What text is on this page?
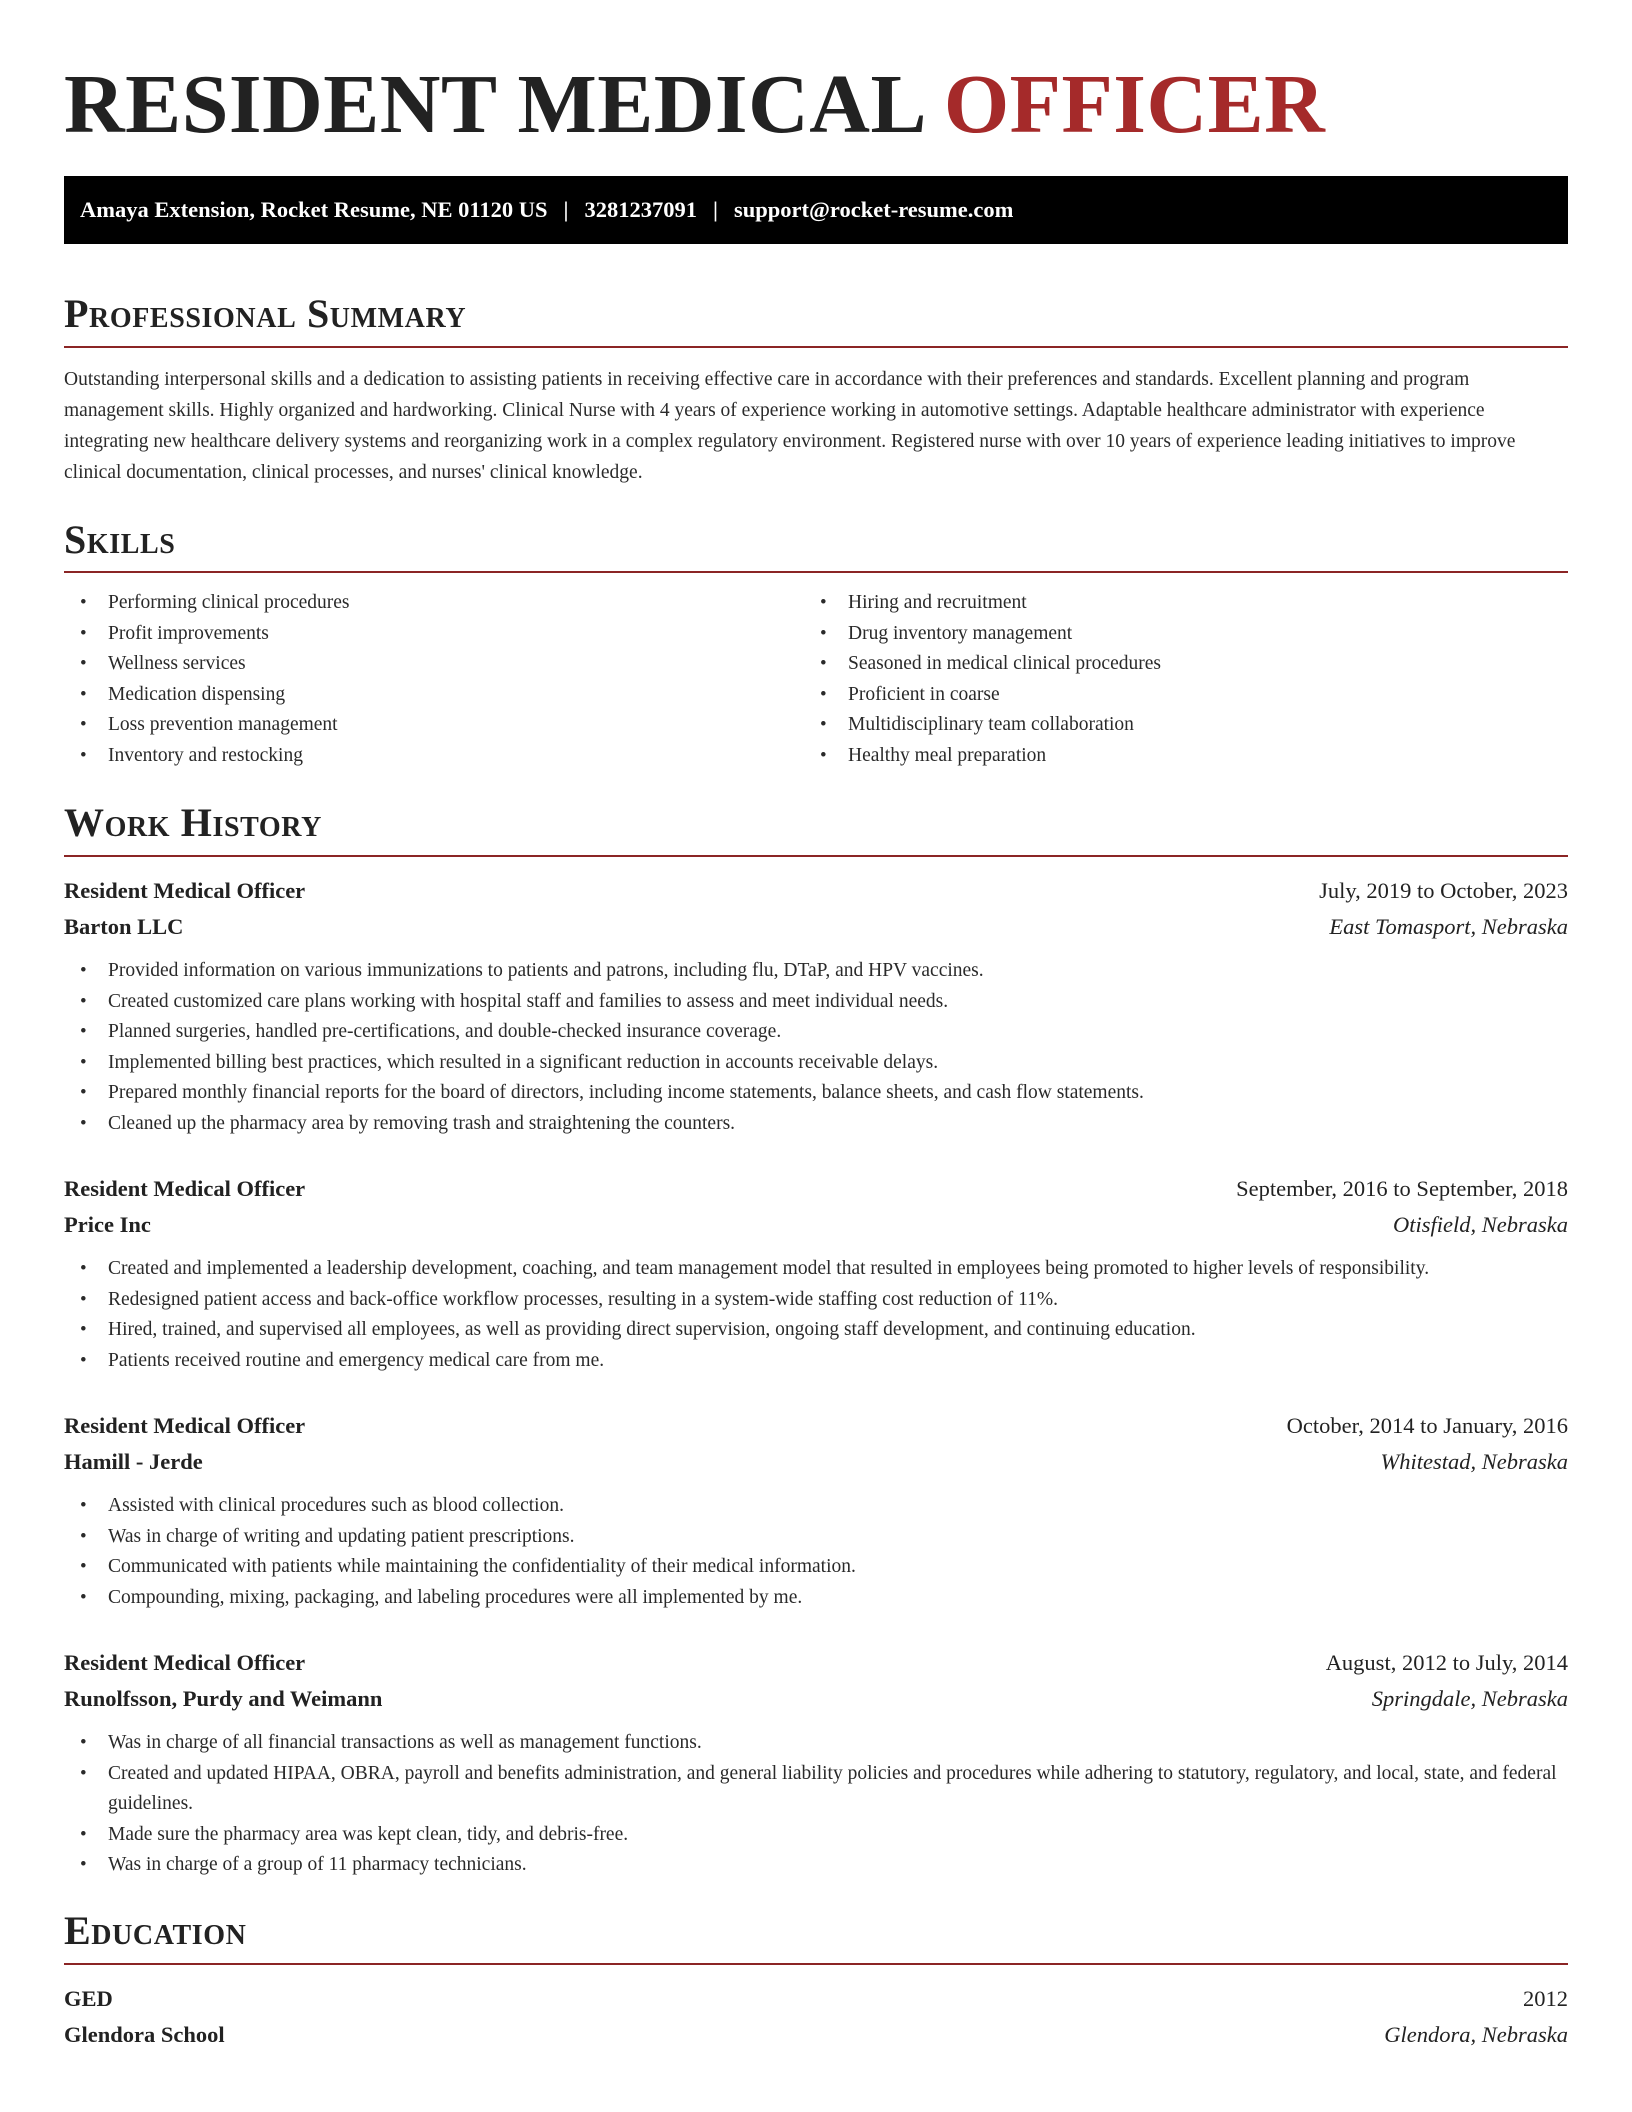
RESIDENT MEDICAL OFFICER
Amaya Extension, Rocket Resume, NE 01120 US | 3281237091 | support@rocket-resume.com
Professional Summary

Outstanding interpersonal skills and a dedication to assisting patients in receiving effective care in accordance with their preferences and standards. Excellent planning and program management skills. Highly organized and hardworking. Clinical Nurse with 4 years of experience working in automotive settings. Adaptable healthcare administrator with experience integrating new healthcare delivery systems and reorganizing work in a complex regulatory environment. Registered nurse with over 10 years of experience leading initiatives to improve clinical documentation, clinical processes, and nurses' clinical knowledge.

Skills
• Performing clinical procedures
• Profit improvements
• Wellness services
• Medication dispensing
• Loss prevention management
• Inventory and restocking
• Hiring and recruitment
• Drug inventory management
• Seasoned in medical clinical procedures
• Proficient in coarse
• Multidisciplinary team collaboration
• Healthy meal preparation
Work History
Resident Medical Officer	July, 2019 to October, 2023
Barton LLC	East Tomasport, Nebraska
• Provided information on various immunizations to patients and patrons, including flu, DTaP, and HPV vaccines.
• Created customized care plans working with hospital staff and families to assess and meet individual needs.
• Planned surgeries, handled pre-certifications, and double-checked insurance coverage.
• Implemented billing best practices, which resulted in a significant reduction in accounts receivable delays.
• Prepared monthly financial reports for the board of directors, including income statements, balance sheets, and cash flow statements.
• Cleaned up the pharmacy area by removing trash and straightening the counters.
Resident Medical Officer	September, 2016 to September, 2018
Price Inc	Otisfield, Nebraska
• Created and implemented a leadership development, coaching, and team management model that resulted in employees being promoted to higher levels of responsibility.
• Redesigned patient access and back-office workflow processes, resulting in a system-wide staffing cost reduction of 11%.
• Hired, trained, and supervised all employees, as well as providing direct supervision, ongoing staff development, and continuing education.
• Patients received routine and emergency medical care from me.
Resident Medical Officer	October, 2014 to January, 2016
Hamill - Jerde	Whitestad, Nebraska
• Assisted with clinical procedures such as blood collection.
• Was in charge of writing and updating patient prescriptions.
• Communicated with patients while maintaining the confidentiality of their medical information.
• Compounding, mixing, packaging, and labeling procedures were all implemented by me.
Resident Medical Officer	August, 2012 to July, 2014
Runolfsson, Purdy and Weimann	Springdale, Nebraska
• Was in charge of all financial transactions as well as management functions.
• Created and updated HIPAA, OBRA, payroll and benefits administration, and general liability policies and procedures while adhering to statutory, regulatory, and local, state, and federal guidelines.
• Made sure the pharmacy area was kept clean, tidy, and debris-free.
• Was in charge of a group of 11 pharmacy technicians.
Education
GED	2012
Glendora School	Glendora, Nebraska
